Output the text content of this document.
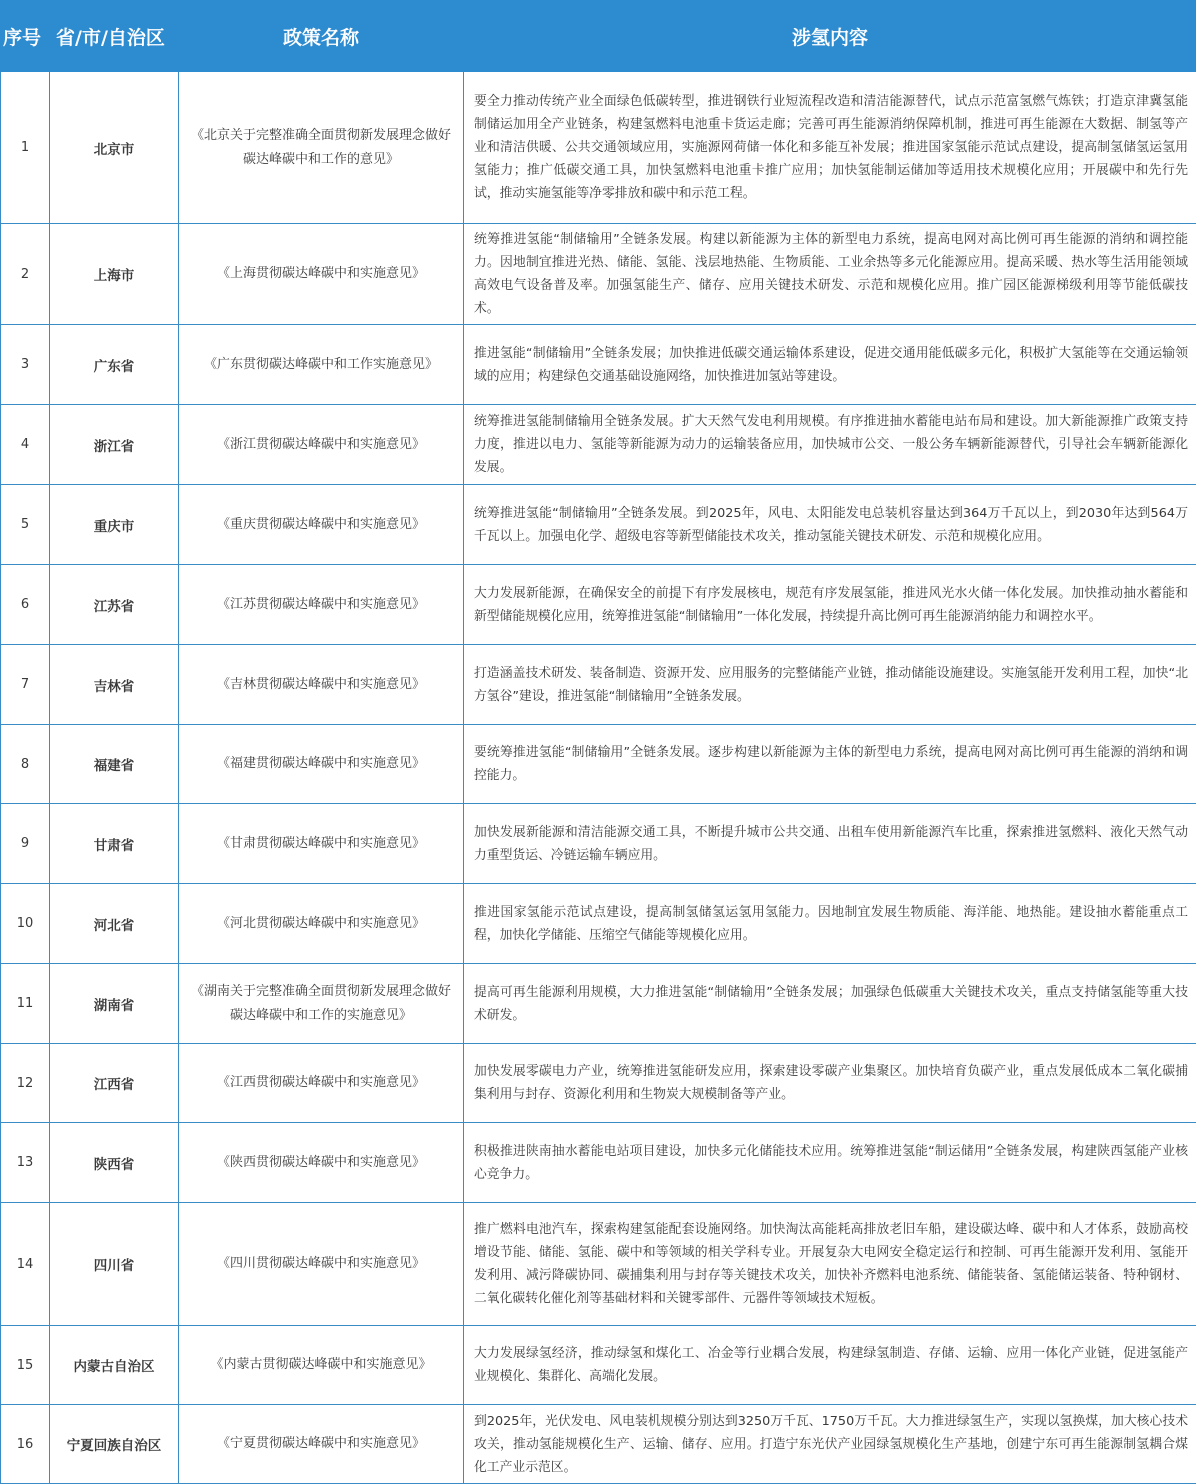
序号	省/市/自治区	政策名称	涉氢内容
1	北京市	《北京关于完整准确全面贯彻新发展理念做好碳达峰碳中和工作的意见》	要全力推动传统产业全面绿色低碳转型，推进钢铁行业短流程改造和清洁能源替代，试点示范富氢燃气炼铁；打造京津冀氢能制储运加用全产业链条，构建氢燃料电池重卡货运走廊；完善可再生能源消纳保障机制，推进可再生能源在大数据、制氢等产业和清洁供暖、公共交通领域应用，实施源网荷储一体化和多能互补发展；推进国家氢能示范试点建设，提高制氢储氢运氢用氢能力；推广低碳交通工具，加快氢燃料电池重卡推广应用；加快氢能制运储加等适用技术规模化应用；开展碳中和先行先试，推动实施氢能等净零排放和碳中和示范工程。
2	上海市	《上海贯彻碳达峰碳中和实施意见》	统筹推进氢能“制储输用”全链条发展。构建以新能源为主体的新型电力系统，提高电网对高比例可再生能源的消纳和调控能力。因地制宜推进光热、储能、氢能、浅层地热能、生物质能、工业余热等多元化能源应用。提高采暖、热水等生活用能领域高效电气设备普及率。加强氢能生产、储存、应用关键技术研发、示范和规模化应用。推广园区能源梯级利用等节能低碳技术。
3	广东省	《广东贯彻碳达峰碳中和工作实施意见》	推进氢能“制储输用”全链条发展；加快推进低碳交通运输体系建设，促进交通用能低碳多元化，积极扩大氢能等在交通运输领域的应用；构建绿色交通基础设施网络，加快推进加氢站等建设。
4	浙江省	《浙江贯彻碳达峰碳中和实施意见》	统筹推进氢能制储输用全链条发展。扩大天然气发电利用规模。有序推进抽水蓄能电站布局和建设。加大新能源推广政策支持力度，推进以电力、氢能等新能源为动力的运输装备应用，加快城市公交、一般公务车辆新能源替代，引导社会车辆新能源化发展。
5	重庆市	《重庆贯彻碳达峰碳中和实施意见》	统筹推进氢能“制储输用”全链条发展。到2025年，风电、太阳能发电总装机容量达到364万千瓦以上，到2030年达到564万千瓦以上。加强电化学、超级电容等新型储能技术攻关，推动氢能关键技术研发、示范和规模化应用。
6	江苏省	《江苏贯彻碳达峰碳中和实施意见》	大力发展新能源，在确保安全的前提下有序发展核电，规范有序发展氢能，推进风光水火储一体化发展。加快推动抽水蓄能和新型储能规模化应用，统筹推进氢能“制储输用”一体化发展，持续提升高比例可再生能源消纳能力和调控水平。
7	吉林省	《吉林贯彻碳达峰碳中和实施意见》	打造涵盖技术研发、装备制造、资源开发、应用服务的完整储能产业链，推动储能设施建设。实施氢能开发利用工程，加快“北方氢谷”建设，推进氢能“制储输用”全链条发展。
8	福建省	《福建贯彻碳达峰碳中和实施意见》	要统筹推进氢能“制储输用”全链条发展。逐步构建以新能源为主体的新型电力系统，提高电网对高比例可再生能源的消纳和调控能力。
9	甘肃省	《甘肃贯彻碳达峰碳中和实施意见》	加快发展新能源和清洁能源交通工具，不断提升城市公共交通、出租车使用新能源汽车比重，探索推进氢燃料、液化天然气动力重型货运、冷链运输车辆应用。
10	河北省	《河北贯彻碳达峰碳中和实施意见》	推进国家氢能示范试点建设，提高制氢储氢运氢用氢能力。因地制宜发展生物质能、海洋能、地热能。建设抽水蓄能重点工程，加快化学储能、压缩空气储能等规模化应用。
11	湖南省	《湖南关于完整准确全面贯彻新发展理念做好碳达峰碳中和工作的实施意见》	提高可再生能源利用规模，大力推进氢能“制储输用”全链条发展；加强绿色低碳重大关键技术攻关，重点支持储氢能等重大技术研发。
12	江西省	《江西贯彻碳达峰碳中和实施意见》	加快发展零碳电力产业，统筹推进氢能研发应用，探索建设零碳产业集聚区。加快培育负碳产业，重点发展低成本二氧化碳捕集利用与封存、资源化利用和生物炭大规模制备等产业。
13	陕西省	《陕西贯彻碳达峰碳中和实施意见》	积极推进陕南抽水蓄能电站项目建设，加快多元化储能技术应用。统筹推进氢能“制运储用”全链条发展，构建陕西氢能产业核心竞争力。
14	四川省	《四川贯彻碳达峰碳中和实施意见》	推广燃料电池汽车，探索构建氢能配套设施网络。加快淘汰高能耗高排放老旧车船，建设碳达峰、碳中和人才体系，鼓励高校增设节能、储能、氢能、碳中和等领域的相关学科专业。开展复杂大电网安全稳定运行和控制、可再生能源开发利用、氢能开发利用、减污降碳协同、碳捕集利用与封存等关键技术攻关，加快补齐燃料电池系统、储能装备、氢能储运装备、特种钢材、二氧化碳转化催化剂等基础材料和关键零部件、元器件等领域技术短板。
15	内蒙古自治区	《内蒙古贯彻碳达峰碳中和实施意见》	大力发展绿氢经济，推动绿氢和煤化工、冶金等行业耦合发展，构建绿氢制造、存储、运输、应用一体化产业链，促进氢能产业规模化、集群化、高端化发展。
16	宁夏回族自治区	《宁夏贯彻碳达峰碳中和实施意见》	到2025年，光伏发电、风电装机规模分别达到3250万千瓦、1750万千瓦。大力推进绿氢生产，实现以氢换煤，加大核心技术攻关，推动氢能规模化生产、运输、储存、应用。打造宁东光伏产业园绿氢规模化生产基地，创建宁东可再生能源制氢耦合煤化工产业示范区。
